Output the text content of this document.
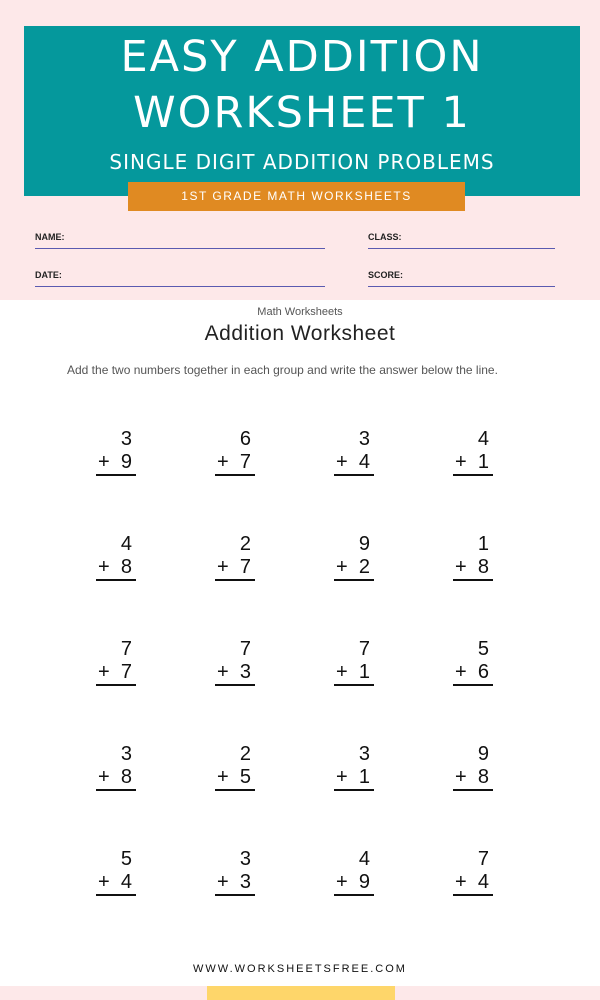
EASY ADDITION
WORKSHEET 1
SINGLE DIGIT ADDITION PROBLEMS
1ST GRADE MATH WORKSHEETS
NAME:	CLASS:
DATE:	SCORE:
Math Worksheets
Addition Worksheet
Add the two numbers together in each group and write the answer below the line.
3
+ 9
6
+ 7
3
+ 4
4
+ 1
4
+ 8
2
+ 7
9
+ 2
1
+ 8
7
+ 7
7
+ 3
7
+ 1
5
+ 6
3
+ 8
2
+ 5
3
+ 1
9
+ 8
5
+ 4
3
+ 3
4
+ 9
7
+ 4
WWW.WORKSHEETSFREE.COM
